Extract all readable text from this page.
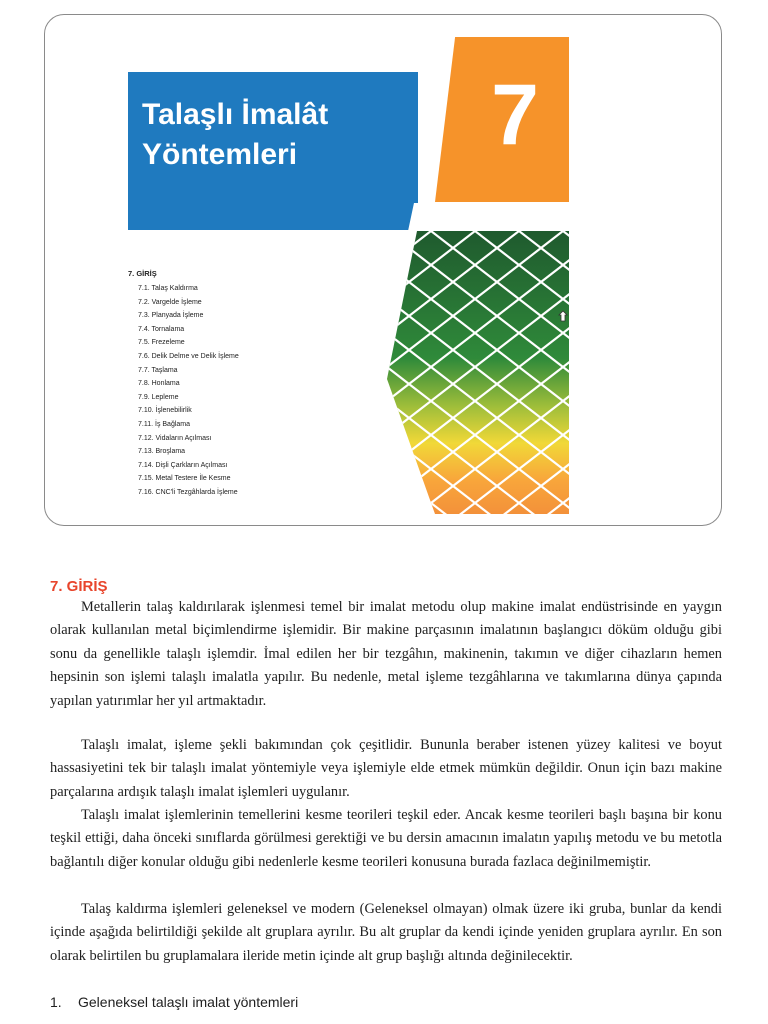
Talaşlı İmalât Yöntemleri	7
7. GİRİŞ
7.1. Talaş Kaldırma
7.2. Vargelde İşleme
7.3. Planyada İşleme
7.4. Tornalama
7.5. Frezeleme
7.6. Delik Delme ve Delik İşleme
7.7. Taşlama
7.8. Honlama
7.9. Lepleme
7.10. İşlenebilirlik
7.11. İş Bağlama
7.12. Vidaların Açılması
7.13. Broşlama
7.14. Dişli Çarkların Açılması
7.15. Metal Testere İle Kesme
7.16. CNC'li Tezgâhlarda İşleme
7. GİRİŞ

Metallerin talaş kaldırılarak işlenmesi temel bir imalat metodu olup makine imalat endüstrisinde en yaygın olarak kullanılan metal biçimlendirme işlemidir. Bir makine parçasının imalatının başlangıcı döküm olduğu gibi sonu da genellikle talaşlı işlemdir. İmal edilen her bir tezgâhın, makinenin, takımın ve diğer cihazların hemen hepsinin son işlemi talaşlı imalatla yapılır. Bu nedenle, metal işleme tezgâhlarına ve takımlarına dünya çapında yapılan yatırımlar her yıl artmaktadır.

Talaşlı imalat, işleme şekli bakımından çok çeşitlidir. Bununla beraber istenen yüzey kalitesi ve boyut hassasiyetini tek bir talaşlı imalat yöntemiyle veya işlemiyle elde etmek mümkün değildir. Onun için bazı makine parçalarına ardışık talaşlı imalat işlemleri uygulanır.

Talaşlı imalat işlemlerinin temellerini kesme teorileri teşkil eder. Ancak kesme teorileri başlı başına bir konu teşkil ettiği, daha önceki sınıflarda görülmesi gerektiği ve bu dersin amacının imalatın yapılış metodu ve bu metotla bağlantılı diğer konular olduğu gibi nedenlerle kesme teorileri konusuna burada fazlaca değinilmemiştir.

Talaş kaldırma işlemleri geleneksel ve modern (Geleneksel olmayan) olmak üzere iki gruba, bunlar da kendi içinde aşağıda belirtildiği şekilde alt gruplara ayrılır. Bu alt gruplar da kendi içinde yeniden gruplara ayrılır. En son olarak belirtilen bu gruplamalara ileride metin içinde alt grup başlığı altında değinilecektir.

1. Geleneksel talaşlı imalat yöntemleri
